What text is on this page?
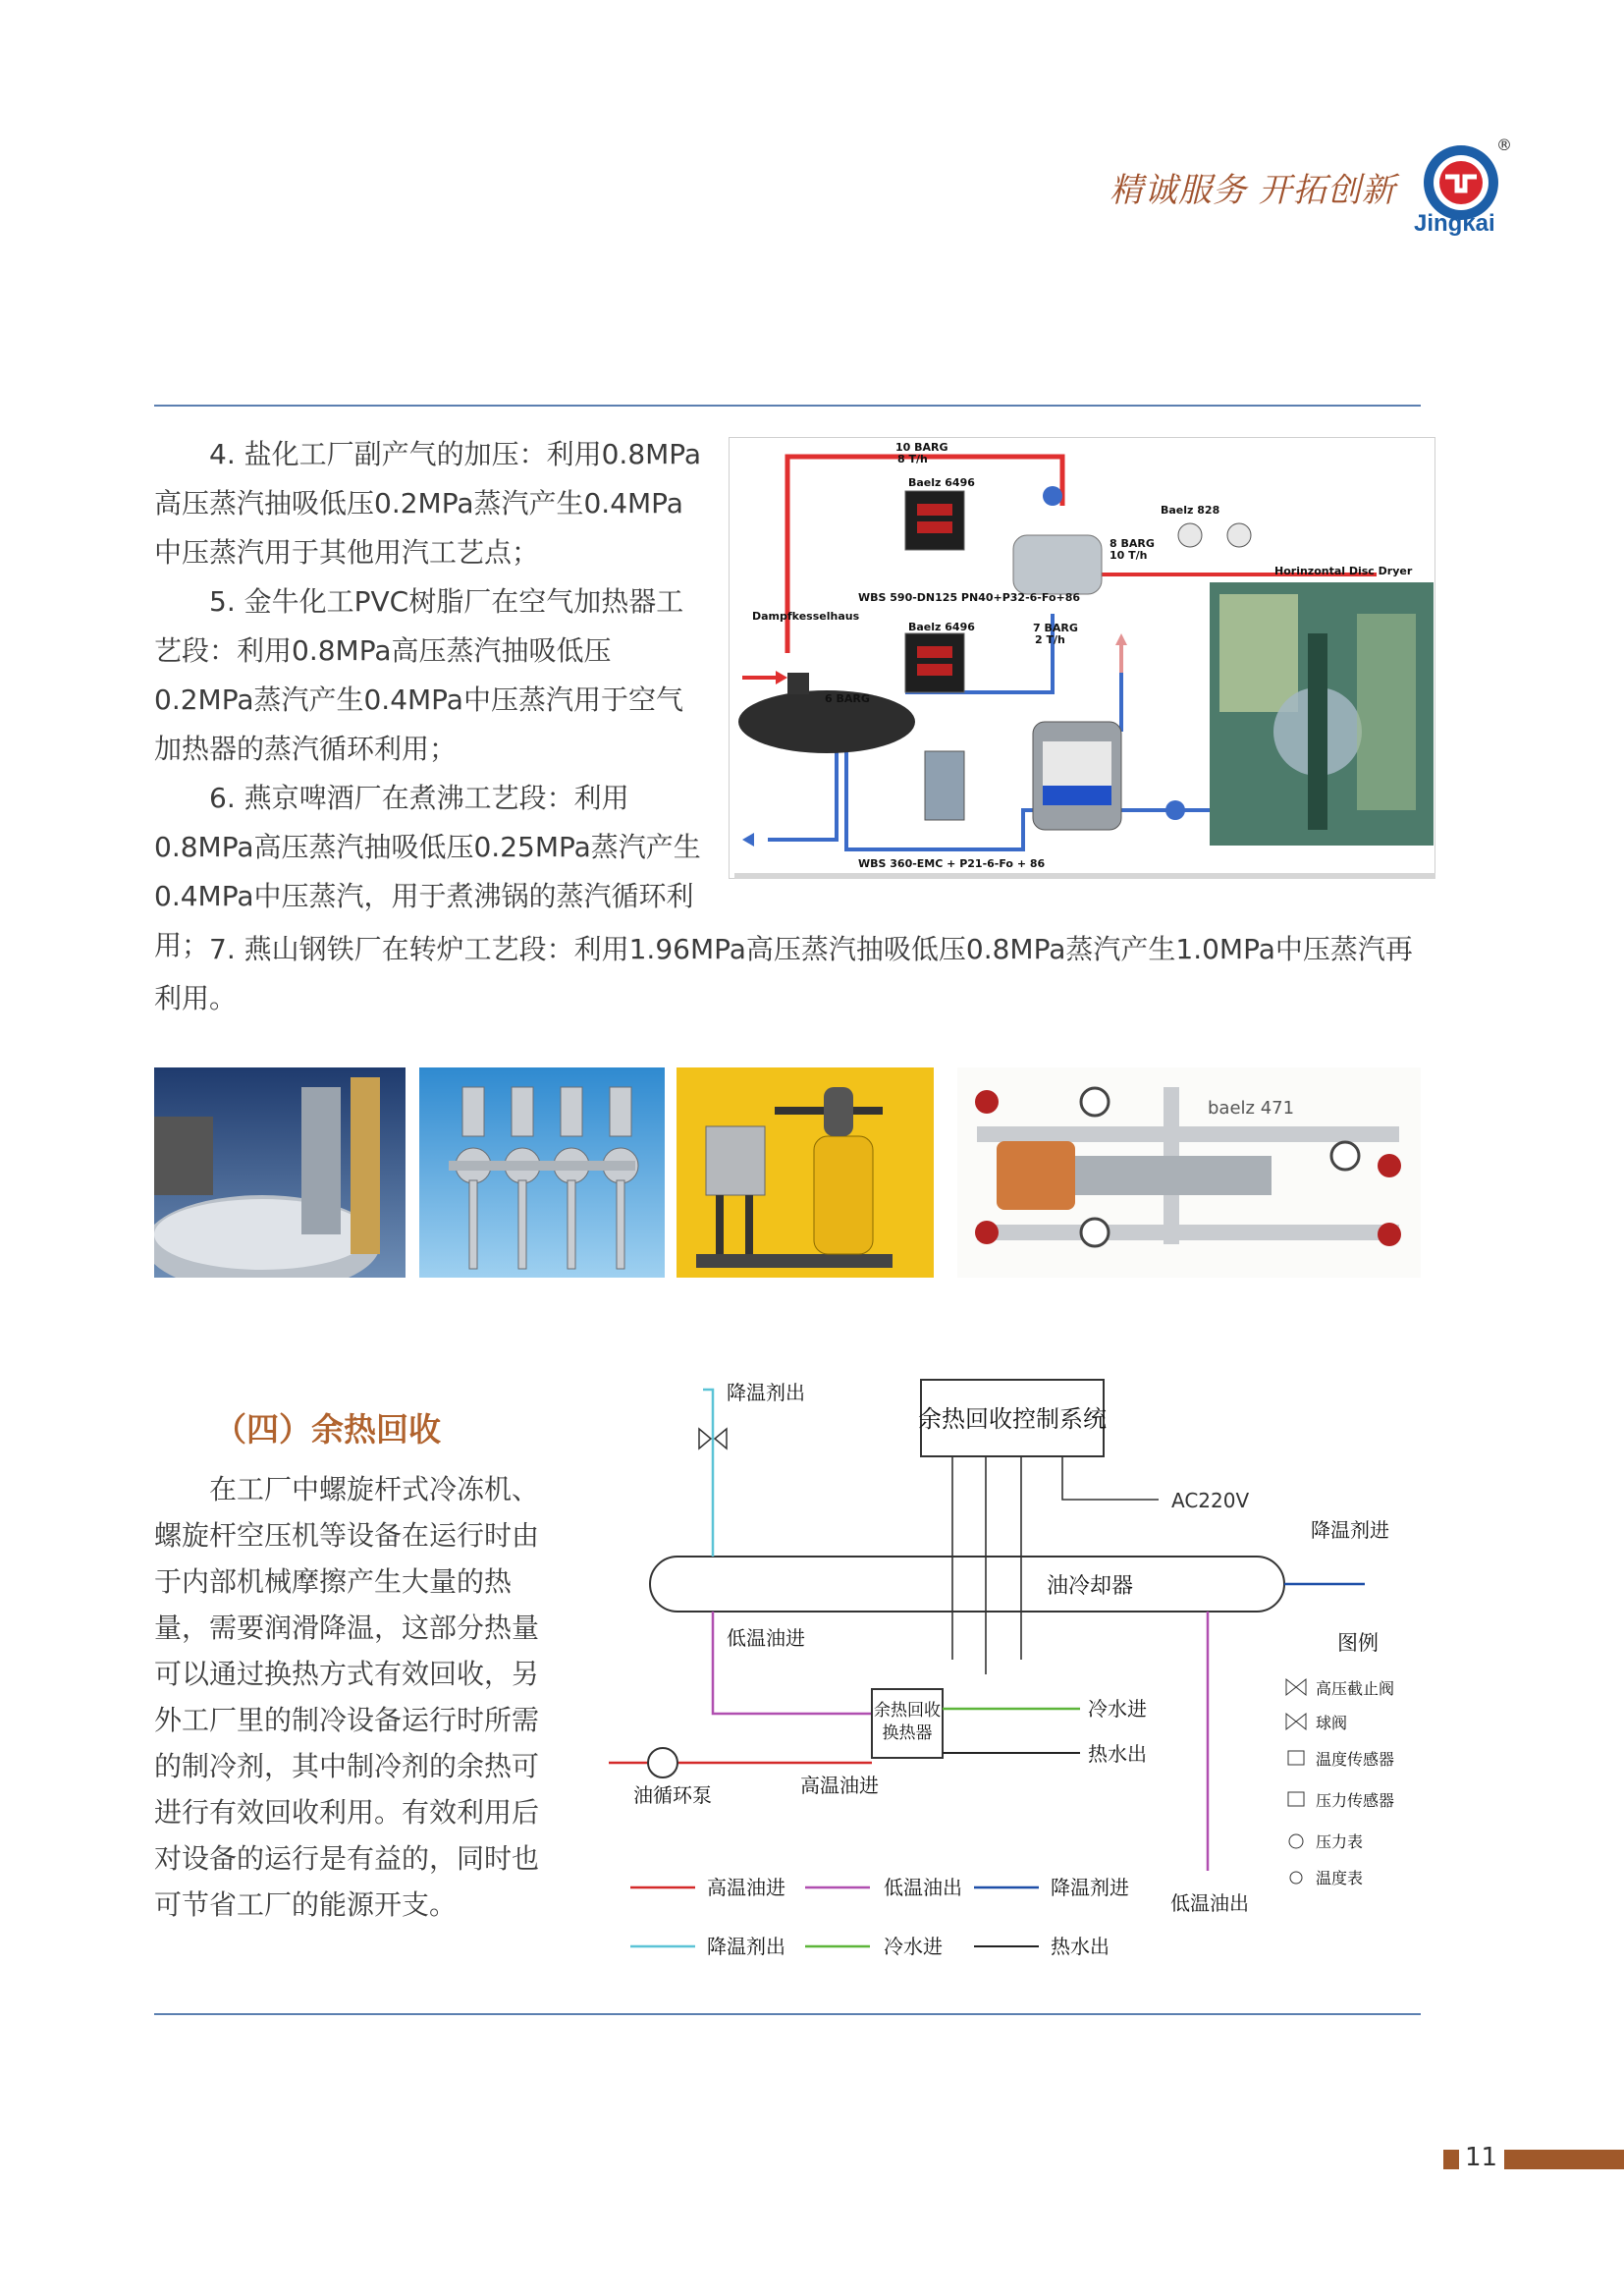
精诚服务 开拓创新
®
Jingkai

4. 盐化工厂副产气的加压：利用0.8MPa高压蒸汽抽吸低压0.2MPa蒸汽产生0.4MPa中压蒸汽用于其他用汽工艺点；

5. 金牛化工PVC树脂厂在空气加热器工艺段：利用0.8MPa高压蒸汽抽吸低压0.2MPa蒸汽产生0.4MPa中压蒸汽用于空气加热器的蒸汽循环利用；

6. 燕京啤酒厂在煮沸工艺段：利用0.8MPa高压蒸汽抽吸低压0.25MPa蒸汽产生0.4MPa中压蒸汽，用于煮沸锅的蒸汽循环利用；

10 BARG
8 T/h
Baelz 6496
Baelz 828
8 BARG
10 T/h
Horinzontal Disc Dryer
WBS 590-DN125 PN40+P32-6-Fo+86
Dampfkesselhaus
Baelz 6496	7 BARG
2 T/h
6 BARG
WBS 360-EMC + P21-6-Fo + 86

7. 燕山钢铁厂在转炉工艺段：利用1.96MPa高压蒸汽抽吸低压0.8MPa蒸汽产生1.0MPa中压蒸汽再利用。

baelz 471
（四）余热回收

在工厂中螺旋杆式冷冻机、螺旋杆空压机等设备在运行时由于内部机械摩擦产生大量的热量，需要润滑降温，这部分热量可以通过换热方式有效回收，另外工厂里的制冷设备运行时所需的制冷剂，其中制冷剂的余热可进行有效回收利用。有效利用后对设备的运行是有益的，同时也可节省工厂的能源开支。

余热回收控制系统
AC220V
油冷却器
降温剂出
降温剂进
低温油进
低温油出
余热回收
换热器
冷水进
热水出
油循环泵	高温油进
图例
高压截止阀
球阀
温度传感器
压力传感器
压力表
温度表
高温油进	低温油出	降温剂进
降温剂出	冷水进	热水出
11
